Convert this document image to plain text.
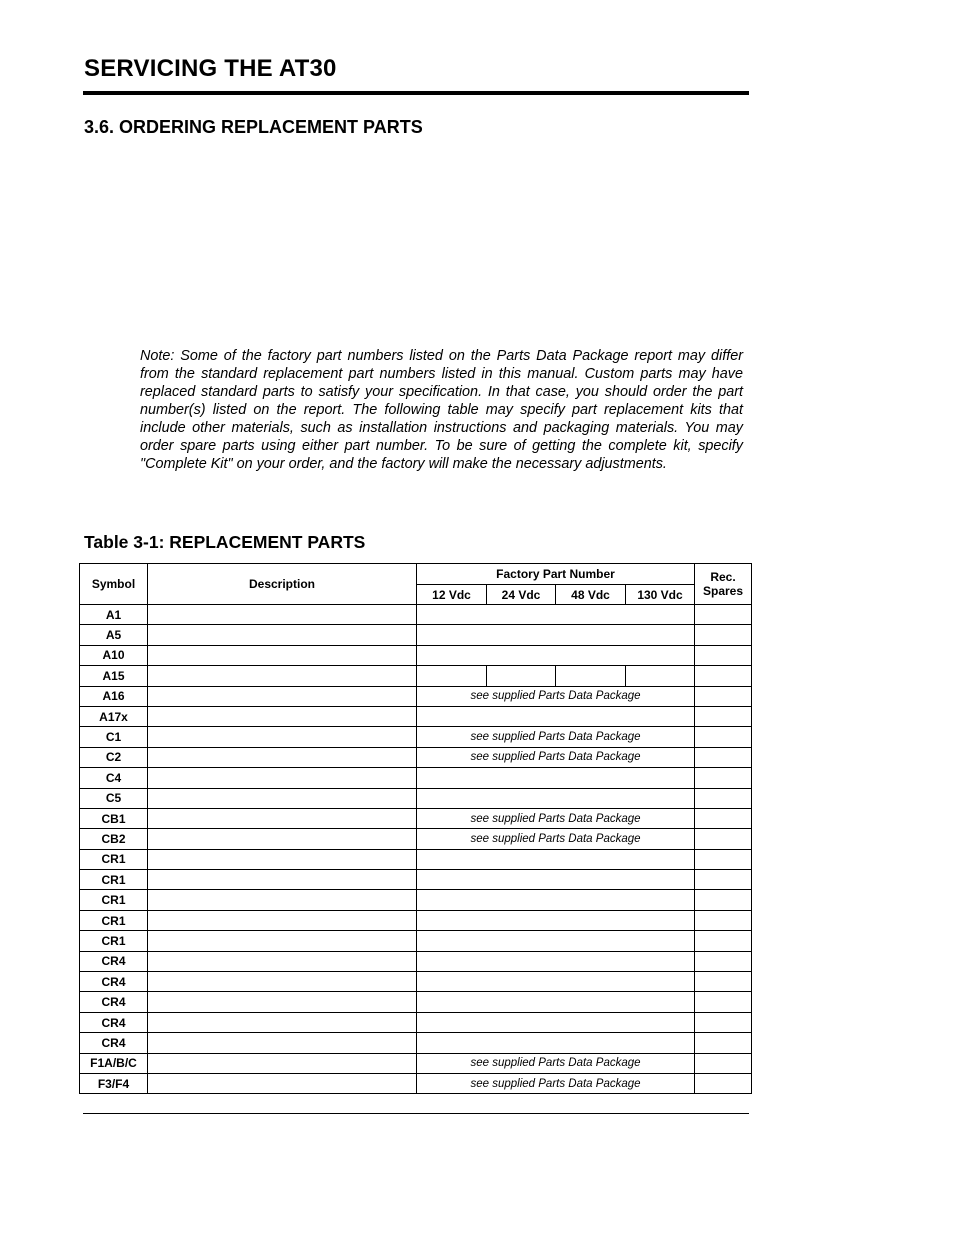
SERVICING THE AT30
3.6. ORDERING REPLACEMENT PARTS

Note: Some of the factory part numbers listed on the Parts Data Package report may differ from the standard replacement part numbers listed in this manual. Custom parts may have replaced standard parts to satisfy your specification. In that case, you should order the part number(s) listed on the report. The following table may specify part replacement kits that include other materials, such as installation instructions and packaging materials. You may order spare parts using either part number. To be sure of getting the complete kit, specify "Complete Kit" on your order, and the factory will make the necessary adjustments.

Table 3-1: REPLACEMENT PARTS
Symbol	Description	Factory Part Number				Rec.
Spares
		12 Vdc	24 Vdc	48 Vdc	130 Vdc	
A1						
A5						
A10						
A15						
A16		see supplied Parts Data Package				
A17x						
C1		see supplied Parts Data Package				
C2		see supplied Parts Data Package				
C4						
C5						
CB1		see supplied Parts Data Package				
CB2		see supplied Parts Data Package				
CR1						
CR1						
CR1						
CR1						
CR1						
CR4						
CR4						
CR4						
CR4						
CR4						
F1A/B/C		see supplied Parts Data Package				
F3/F4		see supplied Parts Data Package				
